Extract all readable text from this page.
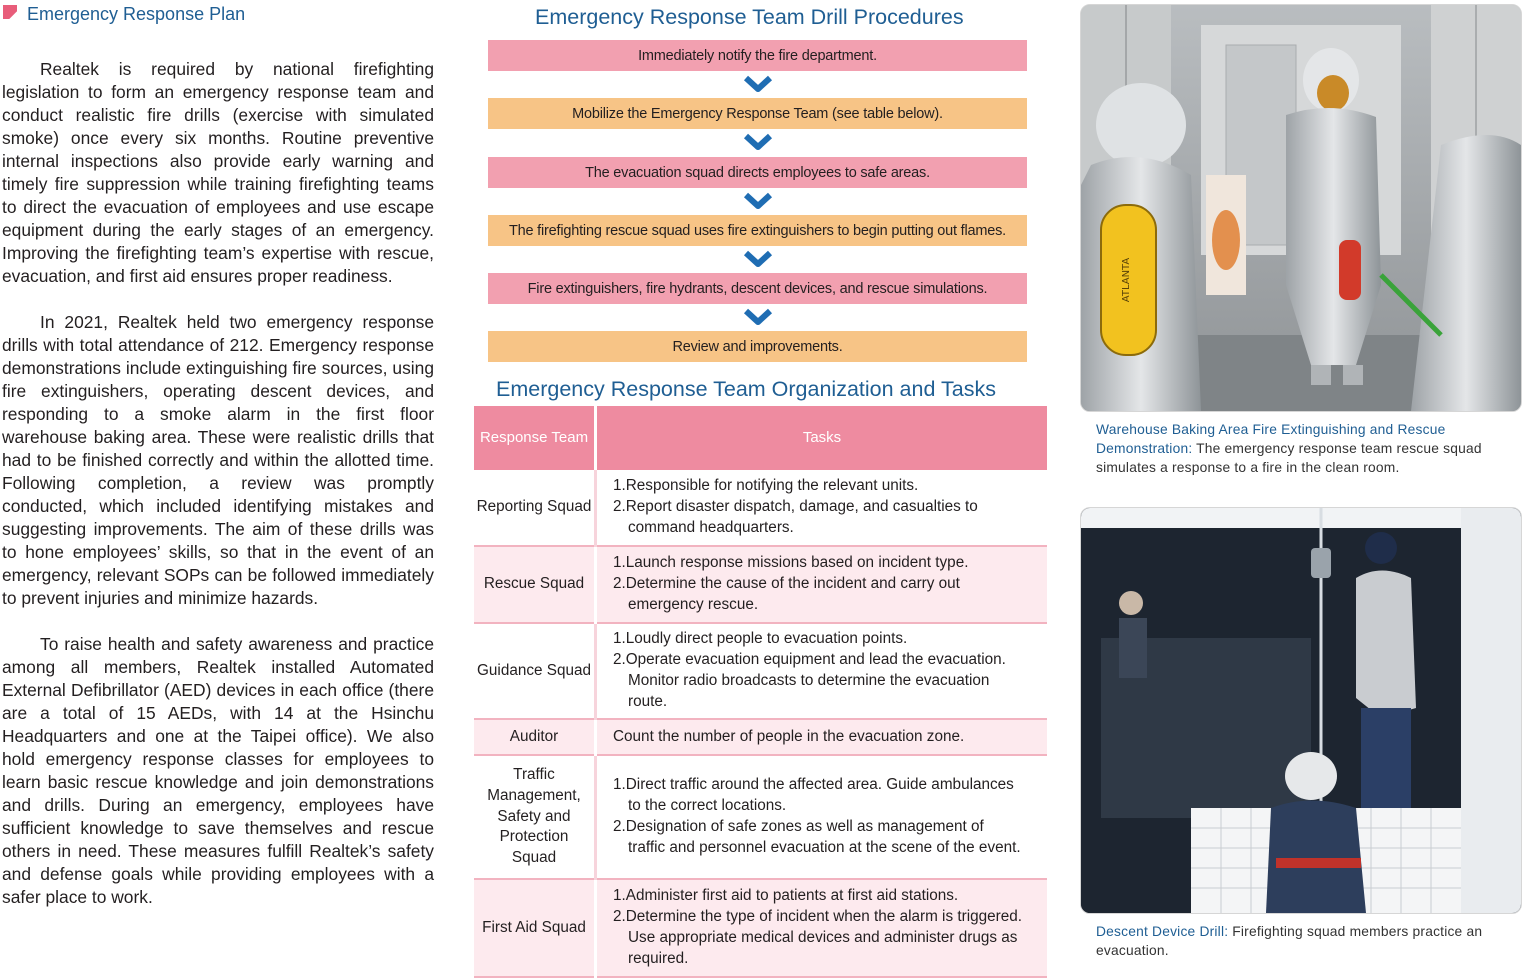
Emergency Response Plan

Realtek is required by national firefighting legislation to form an emergency response team and conduct realistic fire drills (exercise with simulated smoke) once every six months. Routine preventive internal inspections also provide early warning and timely fire suppression while training firefighting teams to direct the evacuation of employees and use escape equipment during the early stages of an emergency. Improving the firefighting team’s expertise with rescue, evacuation, and first aid ensures proper readiness.

In 2021, Realtek held two emergency response drills with total attendance of 212. Emergency response demonstrations include extinguishing fire sources, using fire extinguishers, operating descent devices, and responding to a smoke alarm in the first floor warehouse baking area. These were realistic drills that had to be finished correctly and within the allotted time. Following completion, a review was promptly conducted, which included identifying mistakes and suggesting improvements. The aim of these drills was to hone employees’ skills, so that in the event of an emergency, relevant SOPs can be followed immediately to prevent injuries and minimize hazards.

To raise health and safety awareness and practice among all members, Realtek installed Automated External Defibrillator (AED) devices in each office (there are a total of 15 AEDs, with 14 at the Hsinchu Headquarters and one at the Taipei office). We also hold emergency response classes for employees to learn basic rescue knowledge and join demonstrations and drills. During an emergency, employees have sufficient knowledge to save themselves and rescue others in need. These measures fulfill Realtek’s safety and defense goals while providing employees with a safer place to work.

Emergency Response Team Drill Procedures
Immediately notify the fire department.
Mobilize the Emergency Response Team (see table below).
The evacuation squad directs employees to safe areas.
The firefighting rescue squad uses fire extinguishers to begin putting out flames.
Fire extinguishers, fire hydrants, descent devices, and rescue simulations.
Review and improvements.
Emergency Response Team Organization and Tasks
Response Team	Tasks
Reporting Squad	1.Responsible for notifying the relevant units.
2.Report disaster dispatch, damage, and casualties to command headquarters.

Rescue Squad	1.Launch response missions based on incident type.
2.Determine the cause of the incident and carry out emergency rescue.

Guidance Squad	1.Loudly direct people to evacuation points.
2.Operate evacuation equipment and lead the evacuation. Monitor radio broadcasts to determine the evacuation route.

Auditor	Count the number of people in the evacuation zone.

Traffic Management, Safety and Protection Squad	1.Direct traffic around the affected area. Guide ambulances to the correct locations.
2.Designation of safe zones as well as management of traffic and personnel evacuation at the scene of the event.

First Aid Squad	1.Administer first aid to patients at first aid stations.
2.Determine the type of incident when the alarm is triggered. Use appropriate medical devices and administer drugs as required.
ATLANTA
Warehouse Baking Area Fire Extinguishing and Rescue Demonstration: The emergency response team rescue squad simulates a response to a fire in the clean room.
Descent Device Drill: Firefighting squad members practice an evacuation.
